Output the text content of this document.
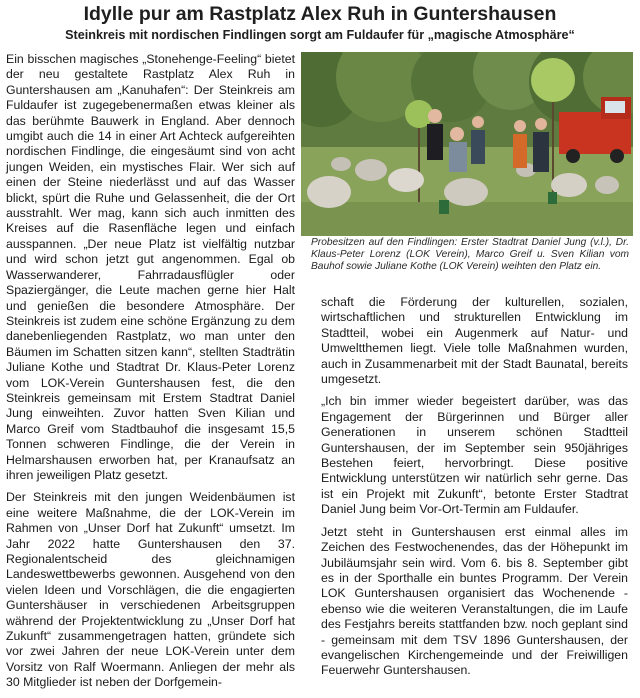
Idylle pur am Rastplatz Alex Ruh in Guntershausen
Steinkreis mit nordischen Findlingen sorgt am Fuldaufer für „magische Atmosphäre“

Ein bisschen magisches „Stonehenge-Feeling“ bietet der neu gestaltete Rastplatz Alex Ruh in Guntershausen am „Kanuhafen“: Der Steinkreis am Fuldaufer ist zugegebenermaßen etwas kleiner als das berühmte Bauwerk in England. Aber dennoch umgibt auch die 14 in einer Art Achteck aufgereihten nordischen Findlinge, die eingesäumt sind von acht jungen Weiden, ein mystisches Flair. Wer sich auf einen der Steine niederlässt und auf das Wasser blickt, spürt die Ruhe und Gelassenheit, die der Ort ausstrahlt. Wer mag, kann sich auch inmitten des Kreises auf die Rasenfläche legen und einfach ausspannen. „Der neue Platz ist vielfältig nutzbar und wird schon jetzt gut angenommen. Egal ob Wasserwanderer, Fahrradausflügler oder Spaziergänger, die Leute machen gerne hier Halt und genießen die besondere Atmosphäre. Der Steinkreis ist zudem eine schöne Ergänzung zu dem danebenliegenden Rastplatz, wo man unter den Bäumen im Schatten sitzen kann“, stellten Stadträtin Juliane Kothe und Stadtrat Dr. Klaus-Peter Lorenz vom LOK-Verein Guntershausen fest, die den Steinkreis gemeinsam mit Erstem Stadtrat Daniel Jung einweihten. Zuvor hatten Sven Kilian und Marco Greif vom Stadtbauhof die insgesamt 15,5 Tonnen schweren Findlinge, die der Verein in Helmarshausen erworben hat, per Kranaufsatz an ihren jeweiligen Platz gesetzt.

Der Steinkreis mit den jungen Weidenbäumen ist eine weitere Maßnahme, die der LOK-Verein im Rahmen von „Unser Dorf hat Zukunft“ umsetzt. Im Jahr 2022 hatte Guntershausen den 37. Regionalentscheid des gleichnamigen Landeswettbewerbs gewonnen. Ausgehend von den vielen Ideen und Vorschlägen, die die engagierten Guntershäuser in verschiedenen Arbeitsgruppen während der Projektentwicklung zu „Unser Dorf hat Zukunft“ zusammengetragen hatten, gründete sich vor zwei Jahren der neue LOK-Verein unter dem Vorsitz von Ralf Woermann. Anliegen der mehr als 30 Mitglieder ist neben der Dorfgemein-

Probesitzen auf den Findlingen: Erster Stadtrat Daniel Jung (v.l.), Dr. Klaus-Peter Lorenz (LOK Verein), Marco Greif u. Sven Kilian vom Bauhof sowie Juliane Kothe (LOK Verein) weihten den Platz ein.

schaft die Förderung der kulturellen, sozialen, wirtschaftlichen und strukturellen Entwicklung im Stadtteil, wobei ein Augenmerk auf Natur- und Umweltthemen liegt. Viele tolle Maßnahmen wurden, auch in Zusammenarbeit mit der Stadt Baunatal, bereits umgesetzt.

„Ich bin immer wieder begeistert darüber, was das Engagement der Bürgerinnen und Bürger aller Generationen in unserem schönen Stadtteil Guntershausen, der im September sein 950jähriges Bestehen feiert, hervorbringt. Diese positive Entwicklung unterstützen wir natürlich sehr gerne. Das ist ein Projekt mit Zukunft“, betonte Erster Stadtrat Daniel Jung beim Vor-Ort-Termin am Fuldaufer.

Jetzt steht in Guntershausen erst einmal alles im Zeichen des Festwochenendes, das der Höhepunkt im Jubiläumsjahr sein wird. Vom 6. bis 8. September gibt es in der Sporthalle ein buntes Programm. Der Verein LOK Guntershausen organisiert das Wochenende - ebenso wie die weiteren Veranstaltungen, die im Laufe des Festjahrs bereits stattfanden bzw. noch geplant sind - gemeinsam mit dem TSV 1896 Guntershausen, der evangelischen Kirchengemeinde und der Freiwilligen Feuerwehr Guntershausen.
